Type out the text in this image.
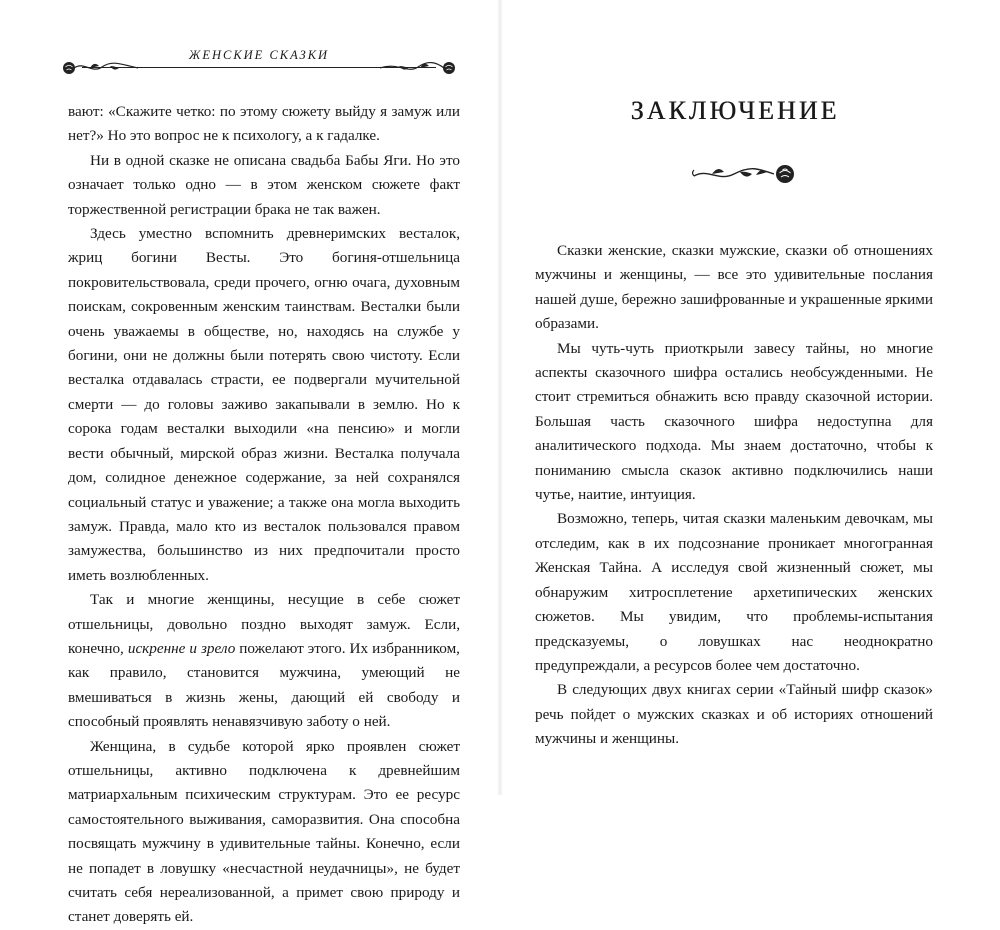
ЖЕНСКИЕ СКАЗКИ

вают: «Скажите четко: по этому сюжету выйду я замуж или нет?» Но это вопрос не к психологу, а к гадалке.

Ни в одной сказке не описана свадьба Бабы Яги. Но это означает только одно — в этом женском сюжете факт торжественной регистрации брака не так важен.

Здесь уместно вспомнить древнеримских весталок, жриц богини Весты. Это богиня-отшельница покровительствовала, среди прочего, огню очага, духовным поискам, сокровенным женским таинствам. Весталки были очень уважаемы в обществе, но, находясь на службе у богини, они не должны были потерять свою чистоту. Если весталка отдавалась страсти, ее подвергали мучительной смерти — до головы заживо закапывали в землю. Но к сорока годам весталки выходили «на пенсию» и могли вести обычный, мирской образ жизни. Весталка получала дом, солидное денежное содержание, за ней сохранялся социальный статус и уважение; а также она могла выходить замуж. Правда, мало кто из весталок пользовался правом замужества, большинство из них предпочитали просто иметь возлюбленных.

Так и многие женщины, несущие в себе сюжет отшельницы, довольно поздно выходят замуж. Если, конечно, искренне и зрело пожелают этого. Их избранником, как правило, становится мужчина, умеющий не вмешиваться в жизнь жены, дающий ей свободу и способный проявлять ненавязчивую заботу о ней.

Женщина, в судьбе которой ярко проявлен сюжет отшельницы, активно подключена к древнейшим матриархальным психическим структурам. Это ее ресурс самостоятельного выживания, саморазвития. Она способна посвящать мужчину в удивительные тайны. Конечно, если не попадет в ловушку «несчастной неудачницы», не будет считать себя нереализованной, а примет свою природу и станет доверять ей.

ЗАКЛЮЧЕНИЕ

Сказки женские, сказки мужские, сказки об отношениях мужчины и женщины, — все это удивительные послания нашей душе, бережно зашифрованные и украшенные яркими образами.

Мы чуть-чуть приоткрыли завесу тайны, но многие аспекты сказочного шифра остались необсужденными. Не стоит стремиться обнажить всю правду сказочной истории. Большая часть сказочного шифра недоступна для аналитического подхода. Мы знаем достаточно, чтобы к пониманию смысла сказок активно подключились наши чутье, наитие, интуиция.

Возможно, теперь, читая сказки маленьким девочкам, мы отследим, как в их подсознание проникает многогранная Женская Тайна. А исследуя свой жизненный сюжет, мы обнаружим хитросплетение архетипических женских сюжетов. Мы увидим, что проблемы-испытания предсказуемы, о ловушках нас неоднократно предупреждали, а ресурсов более чем достаточно.

В следующих двух книгах серии «Тайный шифр сказок» речь пойдет о мужских сказках и об историях отношений мужчины и женщины.
